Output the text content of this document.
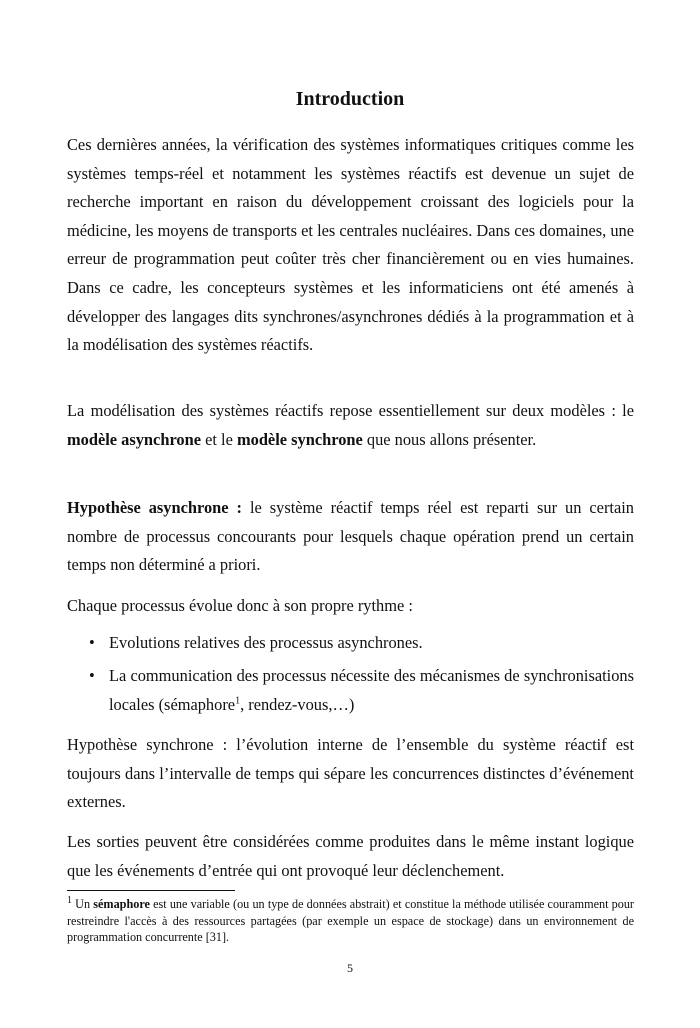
Introduction

Ces dernières années, la vérification des systèmes informatiques critiques comme les systèmes temps-réel et notamment les systèmes réactifs est devenue un sujet de recherche important en raison du développement croissant des logiciels pour la médicine, les moyens de transports et les centrales nucléaires. Dans ces domaines, une erreur de programmation peut coûter très cher financièrement ou en vies humaines. Dans ce cadre, les concepteurs systèmes et les informaticiens ont été amenés à développer des langages dits synchrones/asynchrones dédiés à la programmation et à la modélisation des systèmes réactifs.

La modélisation des systèmes réactifs repose essentiellement sur deux modèles : le modèle asynchrone et le modèle synchrone que nous allons présenter.

Hypothèse asynchrone : le système réactif temps réel est reparti sur un certain nombre de processus concourants pour lesquels chaque opération prend un certain temps non déterminé a priori.

Chaque processus évolue donc à son propre rythme :

• Evolutions relatives des processus asynchrones.
• La communication des processus nécessite des mécanismes de synchronisations locales (sémaphore$^1$, rendez-vous,…)

Hypothèse synchrone : l’évolution interne de l’ensemble du système réactif est toujours dans l’intervalle de temps qui sépare les concurrences distinctes d’événement externes.

Les sorties peuvent être considérées comme produites dans le même instant logique que les événements d’entrée qui ont provoqué leur déclenchement.

$^1$ Un sémaphore est une variable (ou un type de données abstrait) et constitue la méthode utilisée couramment pour restreindre l'accès à des ressources partagées (par exemple un espace de stockage) dans un environnement de programmation concurrente [31].
5
